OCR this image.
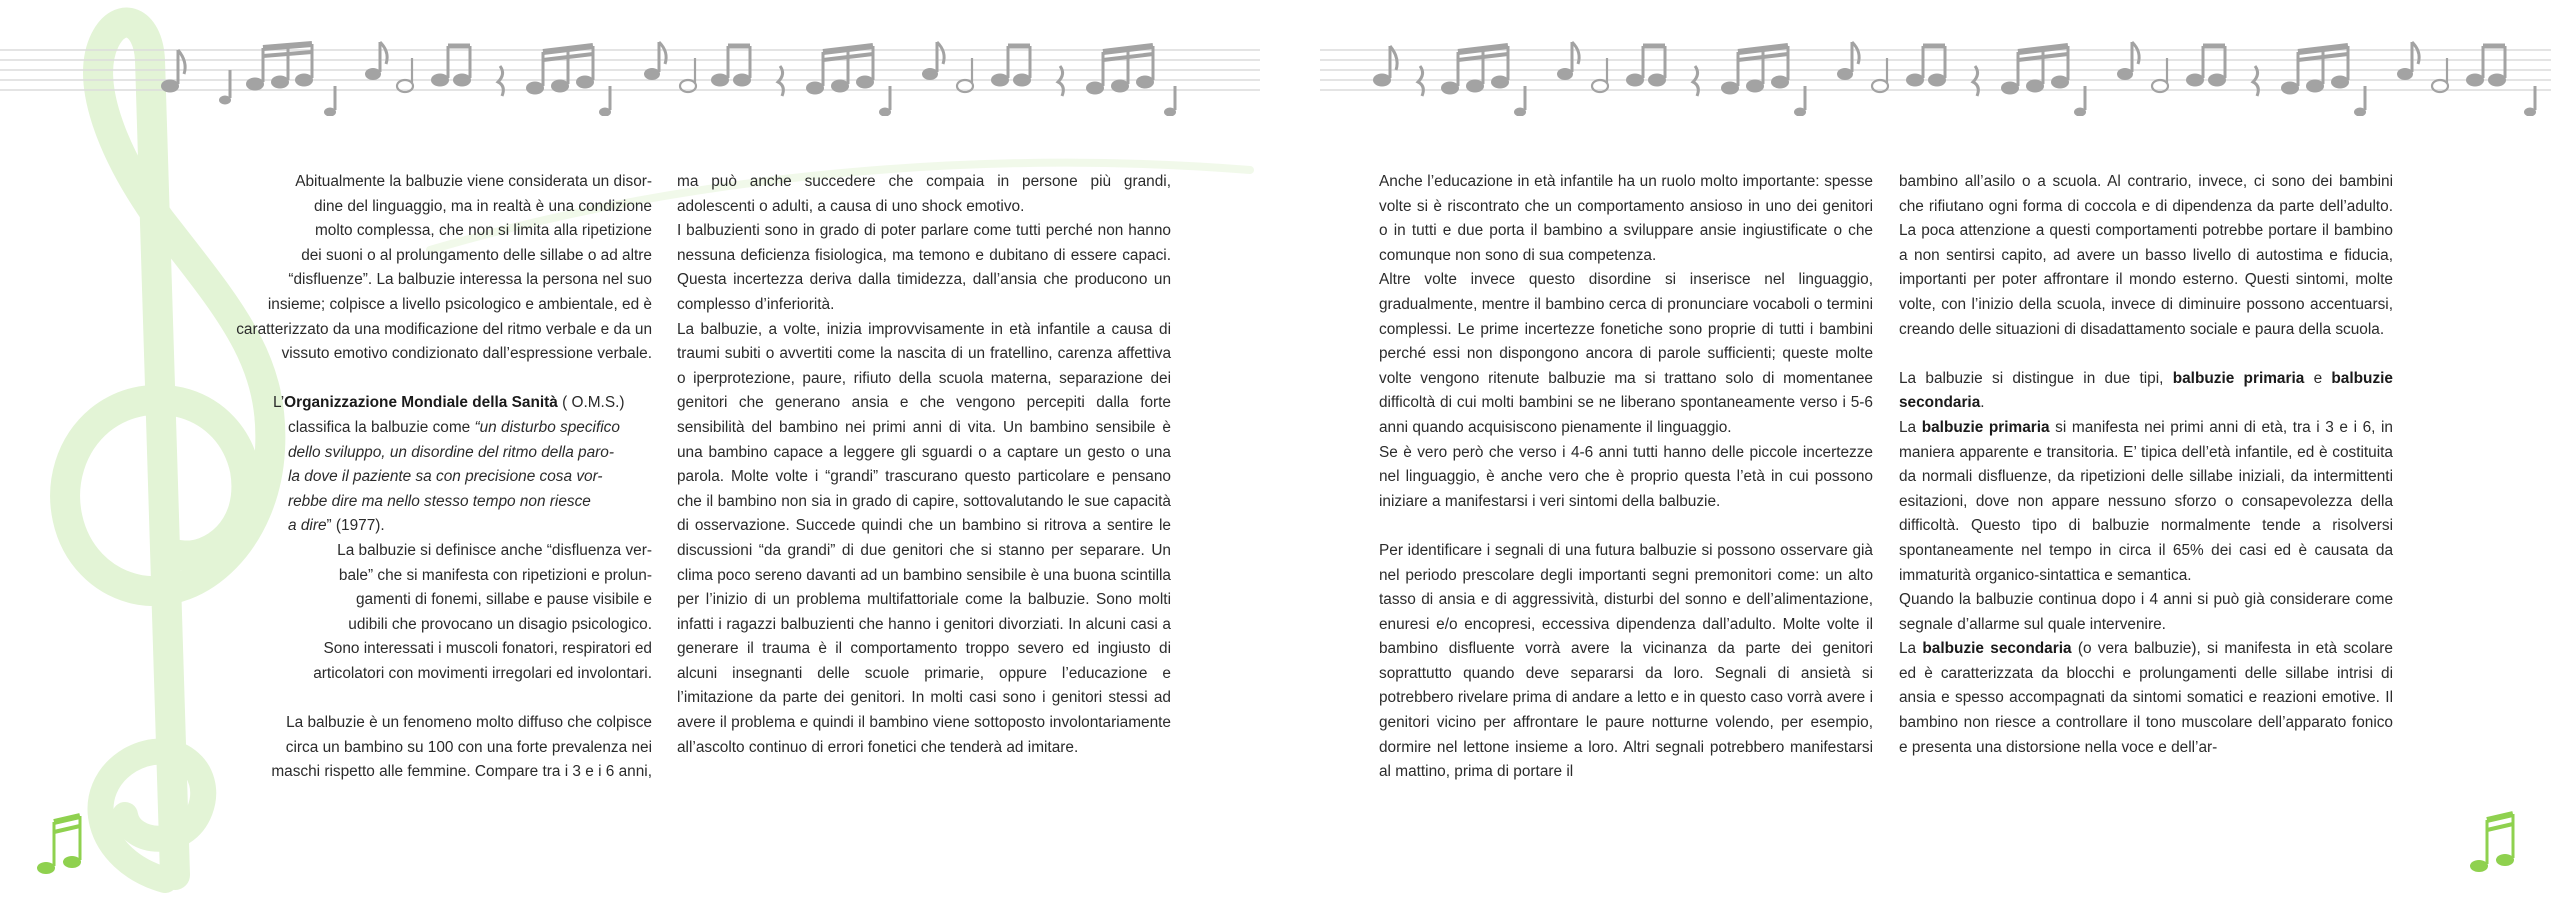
Abitualmente la balbuzie viene considerata un disor-

dine del linguaggio, ma in realtà è una condizione

molto complessa, che non si limita alla ripetizione

dei suoni o al prolungamento delle sillabe o ad altre

“disfluenze”. La balbuzie interessa la persona nel suo

insieme; colpisce a livello psicologico e ambientale, ed è

caratterizzato da una modificazione del ritmo verbale e da un

vissuto emotivo condizionato dall’espressione verbale.

L’Organizzazione Mondiale della Sanità ( O.M.S.)

classifica la balbuzie come “un disturbo specifico

dello sviluppo, un disordine del ritmo della paro-

la dove il paziente sa con precisione cosa vor-

rebbe dire ma nello stesso tempo non riesce

a dire” (1977).

La balbuzie si definisce anche “disfluenza ver-

bale” che si manifesta con ripetizioni e prolun-

gamenti di fonemi, sillabe e pause visibile e

udibili che provocano un disagio psicologico.

Sono interessati i muscoli fonatori, respiratori ed

articolatori con movimenti irregolari ed involontari.

La balbuzie è un fenomeno molto diffuso che colpisce

circa un bambino su 100 con una forte prevalenza nei

maschi rispetto alle femmine. Compare tra i 3 e i 6 anni,

ma può anche succedere che compaia in persone più grandi, adolescenti o adulti, a causa di uno shock emotivo.

I balbuzienti sono in grado di poter parlare come tutti perché non hanno nessuna deficienza fisiologica, ma temono e dubitano di essere capaci. Questa incertezza deriva dalla timidezza, dall’ansia che producono un complesso d’inferiorità.

La balbuzie, a volte, inizia improvvisamente in età infantile a causa di traumi subiti o avvertiti come la nascita di un fratellino, carenza affettiva o iperprotezione, paure, rifiuto della scuola materna, separazione dei genitori che generano ansia e che vengono percepiti dalla forte sensibilità del bambino nei primi anni di vita. Un bambino sensibile è una bambino capace a leggere gli sguardi o a captare un gesto o una parola. Molte volte i “grandi” trascurano questo particolare e pensano che il bambino non sia in grado di capire, sottovalutando le sue capacità di osservazione. Succede quindi che un bambino si ritrova a sentire le discussioni “da grandi” di due genitori che si stanno per separare. Un clima poco sereno davanti ad un bambino sensibile è una buona scintilla per l’inizio di un problema multifattoriale come la balbuzie. Sono molti infatti i ragazzi balbuzienti che hanno i genitori divorziati. In alcuni casi a generare il trauma è il comportamento troppo severo ed ingiusto di alcuni insegnanti delle scuole primarie, oppure l’educazione e l’imitazione da parte dei genitori. In molti casi sono i genitori stessi ad avere il problema e quindi il bambino viene sottoposto involontariamente all’ascolto continuo di errori fonetici che tenderà ad imitare.

Anche l’educazione in età infantile ha un ruolo molto importante: spesse volte si è riscontrato che un comportamento ansioso in uno dei genitori o in tutti e due porta il bambino a sviluppare ansie ingiustificate o che comunque non sono di sua competenza.

Altre volte invece questo disordine si inserisce nel linguaggio, gradualmente, mentre il bambino cerca di pronunciare vocaboli o termini complessi. Le prime incertezze fonetiche sono proprie di tutti i bambini perché essi non dispongono ancora di parole sufficienti; queste molte volte vengono ritenute balbuzie ma si trattano solo di momentanee difficoltà di cui molti bambini se ne liberano spontaneamente verso i 5-6 anni quando acquisiscono pienamente il linguaggio.

Se è vero però che verso i 4-6 anni tutti hanno delle piccole incertezze nel linguaggio, è anche vero che è proprio questa l’età in cui possono iniziare a manifestarsi i veri sintomi della balbuzie.

Per identificare i segnali di una futura balbuzie si possono osservare già nel periodo prescolare degli importanti segni premonitori come: un alto tasso di ansia e di aggressività, disturbi del sonno e dell’alimentazione, enuresi e/o encopresi, eccessiva dipendenza dall’adulto. Molte volte il bambino disfluente vorrà avere la vicinanza da parte dei genitori soprattutto quando deve separarsi da loro. Segnali di ansietà si potrebbero rivelare prima di andare a letto e in questo caso vorrà avere i genitori vicino per affrontare le paure notturne volendo, per esempio, dormire nel lettone insieme a loro. Altri segnali potrebbero manifestarsi al mattino, prima di portare il

bambino all’asilo o a scuola. Al contrario, invece, ci sono dei bambini che rifiutano ogni forma di coccola e di dipendenza da parte dell’adulto. La poca attenzione a questi comportamenti potrebbe portare il bambino a non sentirsi capito, ad avere un basso livello di autostima e fiducia, importanti per poter affrontare il mondo esterno. Questi sintomi, molte volte, con l’inizio della scuola, invece di diminuire possono accentuarsi, creando delle situazioni di disadattamento sociale e paura della scuola.

La balbuzie si distingue in due tipi, balbuzie primaria e balbuzie secondaria.

La balbuzie primaria si manifesta nei primi anni di età, tra i 3 e i 6, in maniera apparente e transitoria. E’ tipica dell’età infantile, ed è costituita da normali disfluenze, da ripetizioni delle sillabe iniziali, da intermittenti esitazioni, dove non appare nessuno sforzo o consapevolezza della difficoltà. Questo tipo di balbuzie normalmente tende a risolversi spontaneamente nel tempo in circa il 65% dei casi ed è causata da immaturità organico-sintattica e semantica.

Quando la balbuzie continua dopo i 4 anni si può già considerare come segnale d’allarme sul quale intervenire.

La balbuzie secondaria (o vera balbuzie), si manifesta in età scolare ed è caratterizzata da blocchi e prolungamenti delle sillabe intrisi di ansia e spesso accompagnati da sintomi somatici e reazioni emotive. Il bambino non riesce a controllare il tono muscolare dell’apparato fonico e presenta una distorsione nella voce e dell’ar-
